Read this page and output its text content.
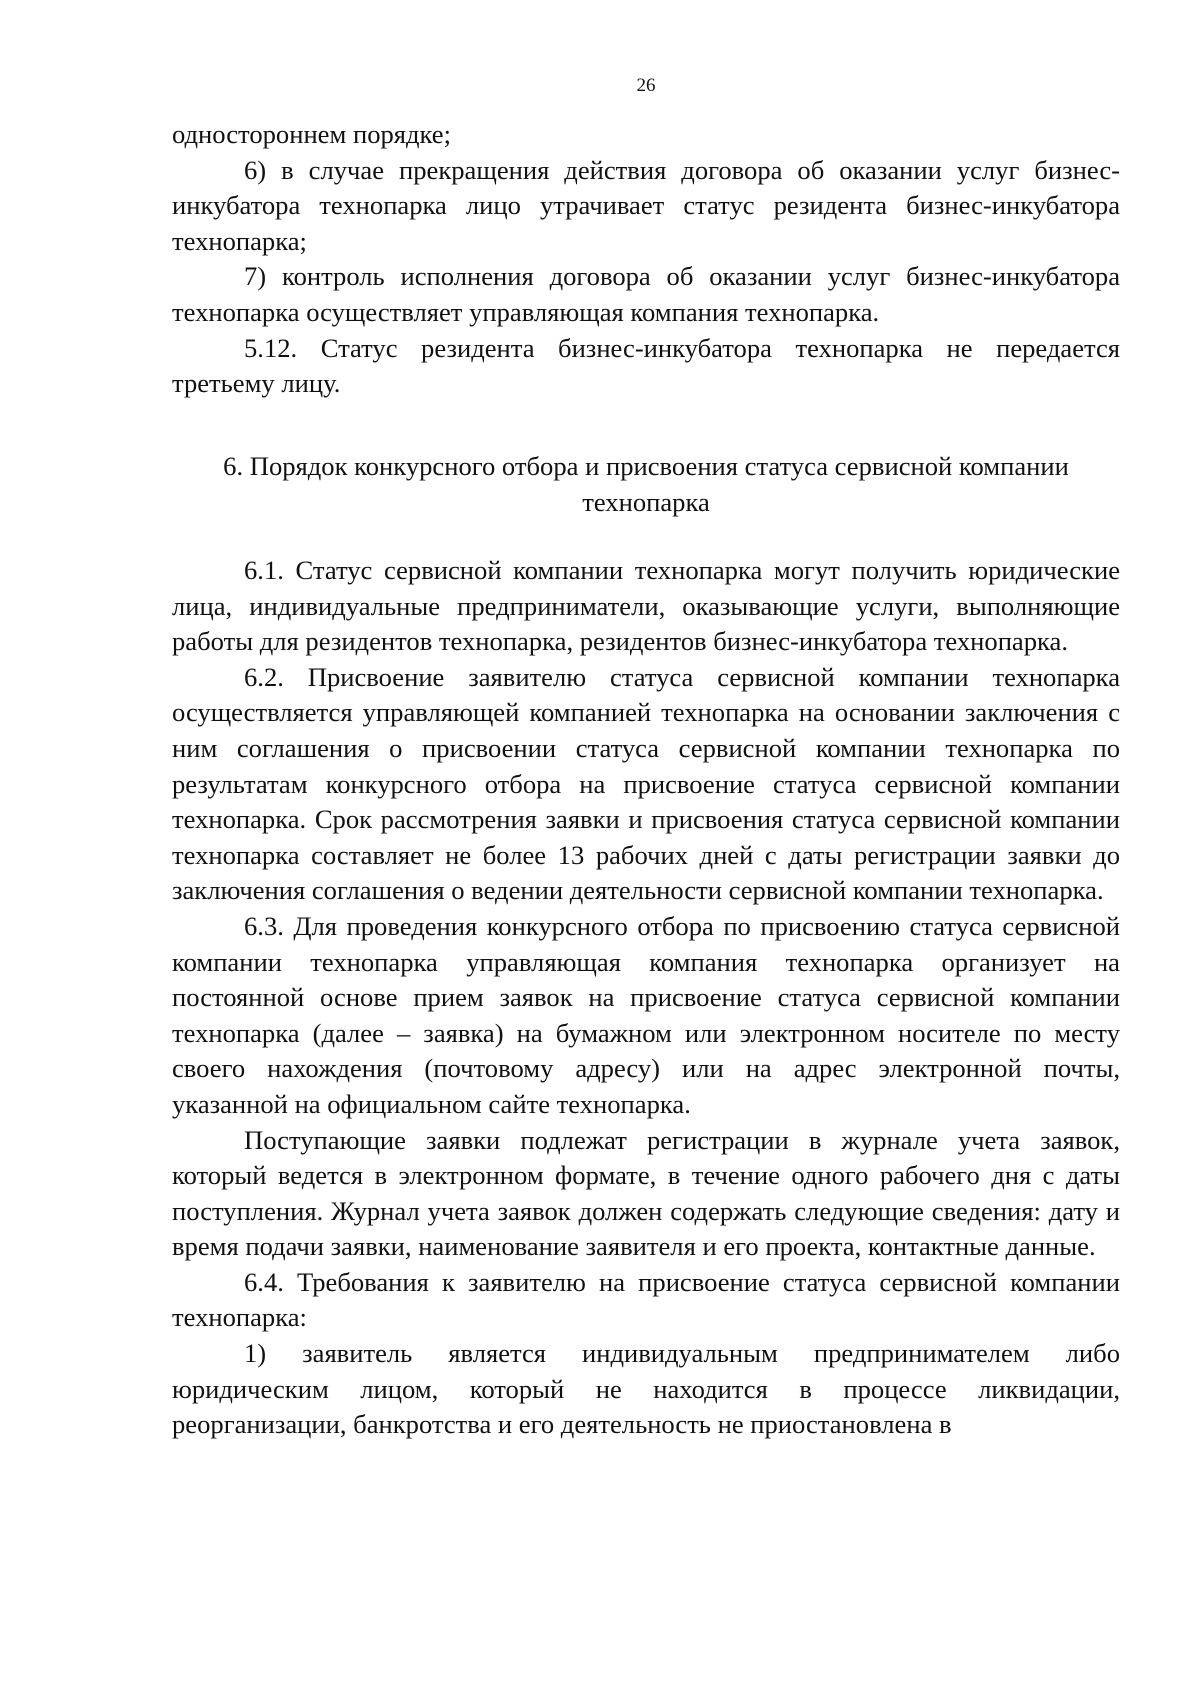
26

одностороннем порядке;

6) в случае прекращения действия договора об оказании услуг бизнес-инкубатора технопарка лицо утрачивает статус резидента бизнес-инкубатора технопарка;

7) контроль исполнения договора об оказании услуг бизнес-инкубатора технопарка осуществляет управляющая компания технопарка.

5.12. Статус резидента бизнес-инкубатора технопарка не передается третьему лицу.

6. Порядок конкурсного отбора и присвоения статуса сервисной компании технопарка

6.1. Статус сервисной компании технопарка могут получить юридические лица, индивидуальные предприниматели, оказывающие услуги, выполняющие работы для резидентов технопарка, резидентов бизнес-инкубатора технопарка.

6.2. Присвоение заявителю статуса сервисной компании технопарка осуществляется управляющей компанией технопарка на основании заключения с ним соглашения о присвоении статуса сервисной компании технопарка по результатам конкурсного отбора на присвоение статуса сервисной компании технопарка. Срок рассмотрения заявки и присвоения статуса сервисной компании технопарка составляет не более 13 рабочих дней с даты регистрации заявки до заключения соглашения о ведении деятельности сервисной компании технопарка.

6.3. Для проведения конкурсного отбора по присвоению статуса сервисной компании технопарка управляющая компания технопарка организует на постоянной основе прием заявок на присвоение статуса сервисной компании технопарка (далее – заявка) на бумажном или электронном носителе по месту своего нахождения (почтовому адресу) или на адрес электронной почты, указанной на официальном сайте технопарка.

Поступающие заявки подлежат регистрации в журнале учета заявок, который ведется в электронном формате, в течение одного рабочего дня с даты поступления. Журнал учета заявок должен содержать следующие сведения: дату и время подачи заявки, наименование заявителя и его проекта, контактные данные.

6.4. Требования к заявителю на присвоение статуса сервисной компании технопарка:

1) заявитель является индивидуальным предпринимателем либо юридическим лицом, который не находится в процессе ликвидации, реорганизации, банкротства и его деятельность не приостановлена в
